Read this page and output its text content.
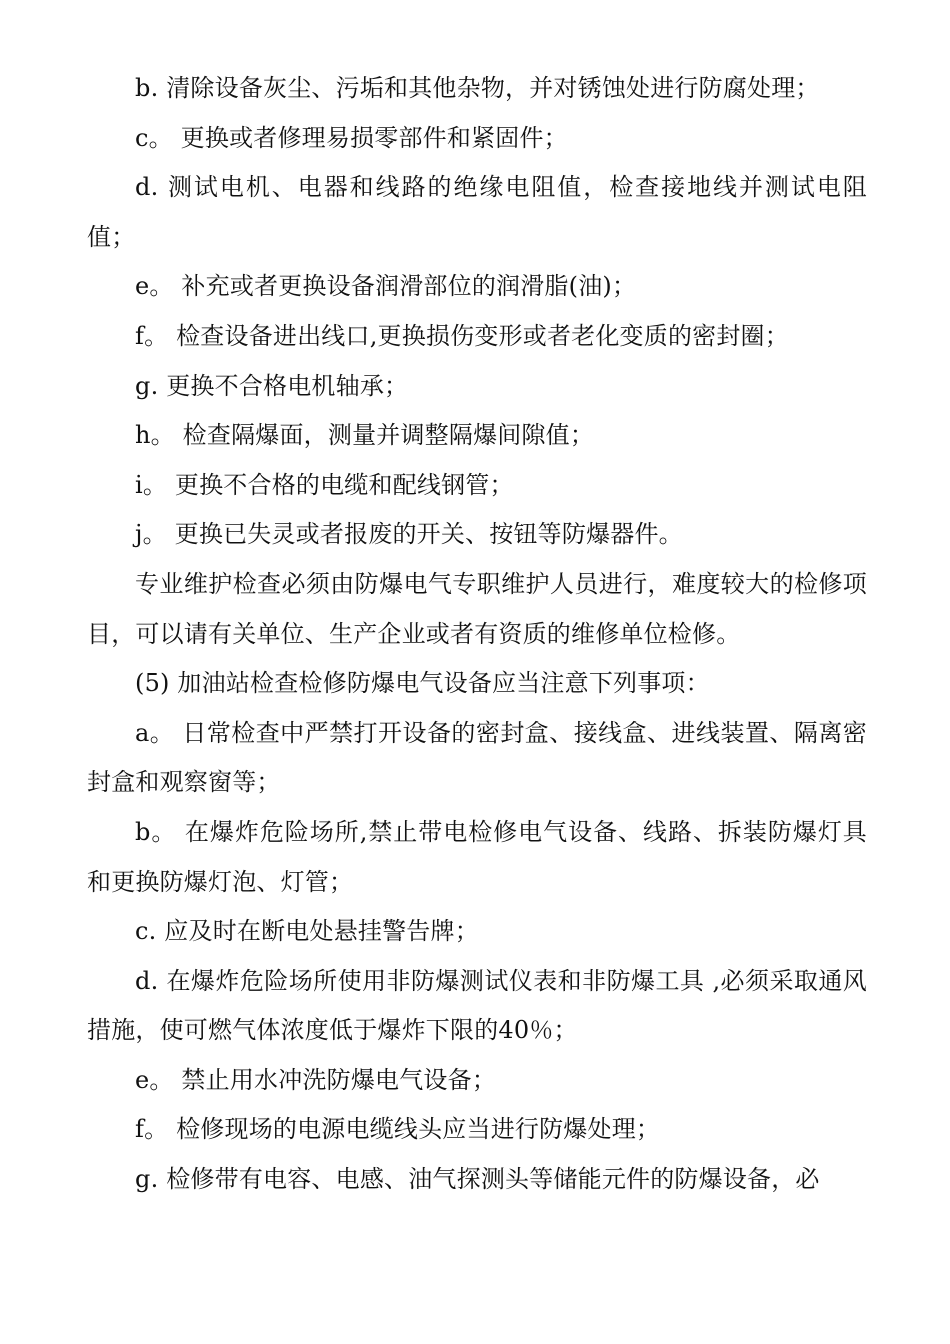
b. 清除设备灰尘、污垢和其他杂物，并对锈蚀处进行防腐处理；

c。 更换或者修理易损零部件和紧固件；

d. 测试电机、电器和线路的绝缘电阻值，检查接地线并测试电阻值；

e。 补充或者更换设备润滑部位的润滑脂(油)；

f。 检查设备进出线口,更换损伤变形或者老化变质的密封圈；

g. 更换不合格电机轴承；

h。 检查隔爆面，测量并调整隔爆间隙值；

i。 更换不合格的电缆和配线钢管；

j。 更换已失灵或者报废的开关、按钮等防爆器件。

专业维护检查必须由防爆电气专职维护人员进行，难度较大的检修项目，可以请有关单位、生产企业或者有资质的维修单位检修。

(5) 加油站检查检修防爆电气设备应当注意下列事项：

a。 日常检查中严禁打开设备的密封盒、接线盒、进线装置、隔离密封盒和观察窗等；

b。 在爆炸危险场所,禁止带电检修电气设备、线路、拆装防爆灯具和更换防爆灯泡、灯管；

c. 应及时在断电处悬挂警告牌；

d. 在爆炸危险场所使用非防爆测试仪表和非防爆工具 ,必须采取通风措施，使可燃气体浓度低于爆炸下限的40％；

e。 禁止用水冲洗防爆电气设备；

f。 检修现场的电源电缆线头应当进行防爆处理；

g. 检修带有电容、电感、油气探测头等储能元件的防爆设备，必
